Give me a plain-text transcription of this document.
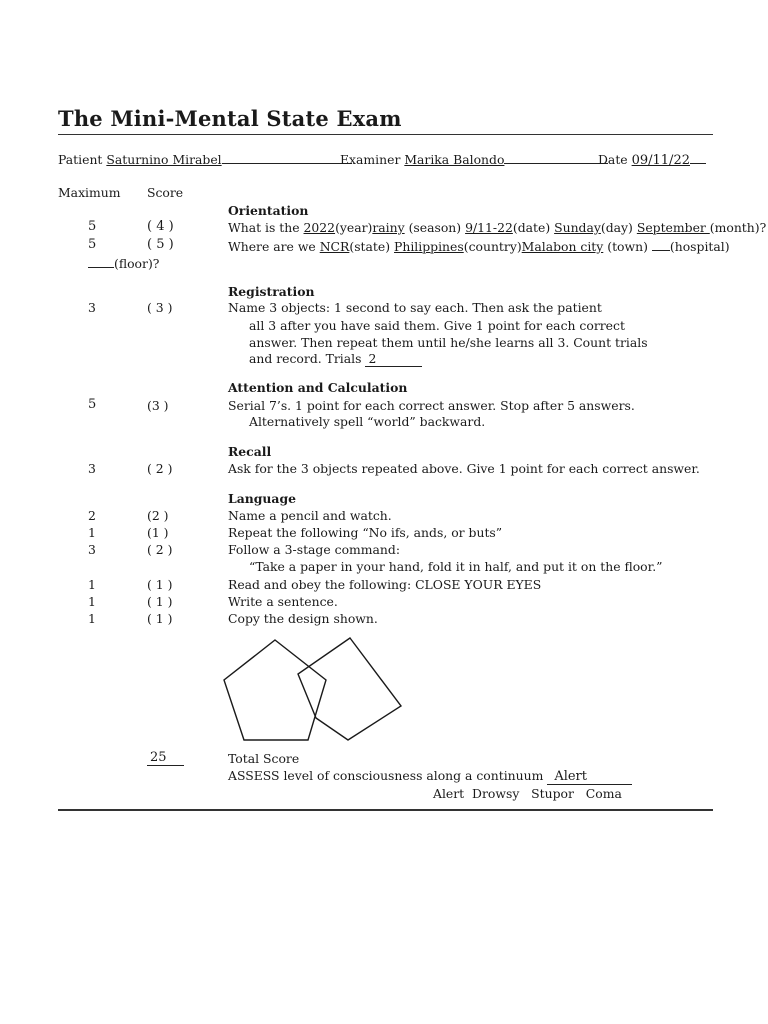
The Mini-Mental State Exam
Patient Saturnino Mirabel	Examiner Marika Balondo	Date 09/11/22
Maximum Score
Orientation
5	( 4 )	What is the 2022(year)rainy (season) 9/11-22(date) Sunday(day) September (month)?
5	( 5 )	Where are we NCR(state) Philippines(country)Malabon city (town) (hospital)
(floor)?
Registration
3	( 3 )	Name 3 objects: 1 second to say each. Then ask the patient
all 3 after you have said them. Give 1 point for each correct
answer. Then repeat them until he/she learns all 3. Count trials
and record. Trials 2
Attention and Calculation
5	(3 )	Serial 7’s. 1 point for each correct answer. Stop after 5 answers.
Alternatively spell “world” backward.
Recall
3	( 2 )	Ask for the 3 objects repeated above. Give 1 point for each correct answer.
Language
2	(2 )	Name a pencil and watch.
1	(1 )	Repeat the following “No ifs, ands, or buts”
3	( 2 )	Follow a 3-stage command:
“Take a paper in your hand, fold it in half, and put it on the floor.”
1	( 1 )	Read and obey the following: CLOSE YOUR EYES
1	( 1 )	Write a sentence.
1	( 1 )	Copy the design shown.
25	Total Score
ASSESS level of consciousness along a continuum Alert
Alert Drowsy Stupor Coma
